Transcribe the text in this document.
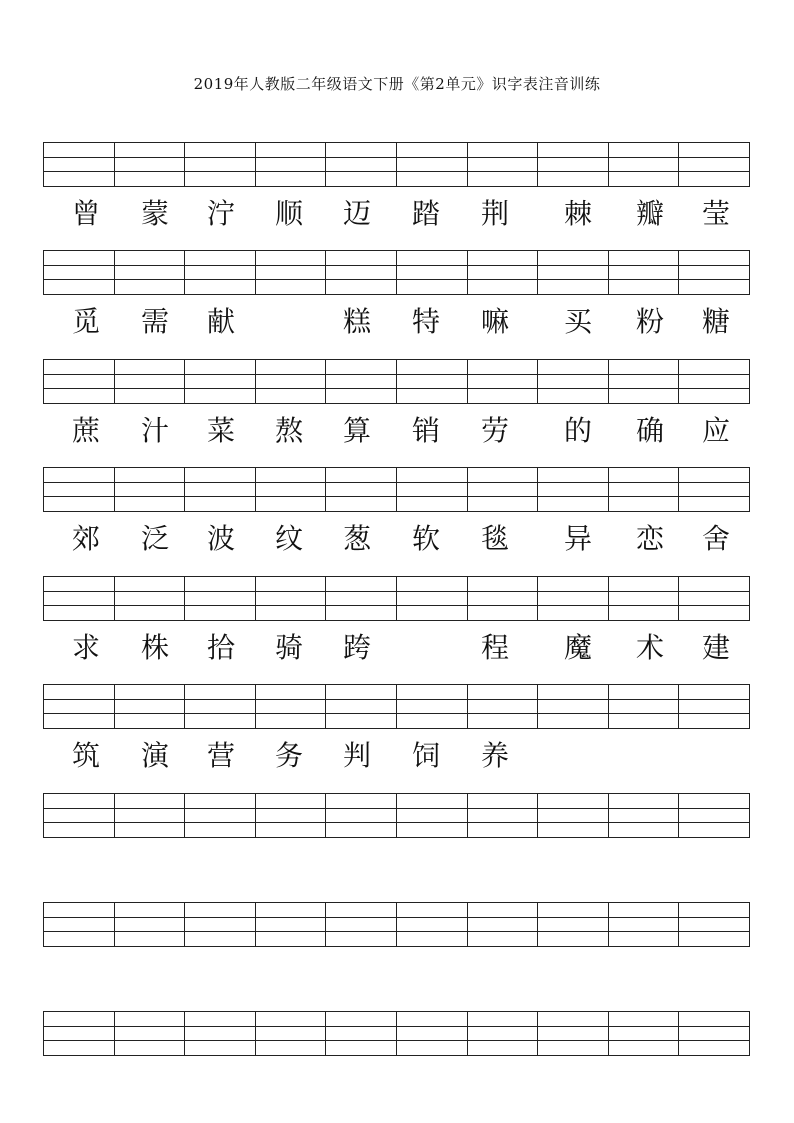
2019年人教版二年级语文下册《第2单元》识字表注音训练
曾 蒙 泞 顺 迈 踏 荆 棘 瓣 莹
觅 需 献	糕 特 嘛 买 粉 糖
蔗 汁 菜 熬 算 销 劳 的 确 应
郊 泛 波 纹 葱 软 毯 异 恋 舍
求 株 拾 骑 跨	程 魔 术 建
筑 演 营 务 判 饲 养
